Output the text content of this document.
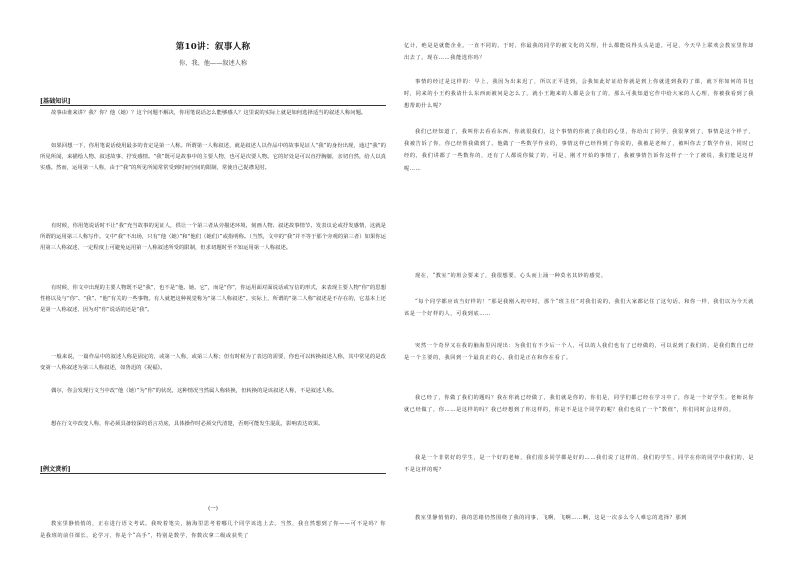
第10讲：叙事人称
你、我、他——叙述人称
[基础知识]

故事由谁来讲？我？你？他（她）？这个问题不解决，你用笔说话怎么能够感人？这里说的实际上就是如何选择适当的叙述人称问题。

如果回想一下，你用笔说话使用最多的肯定是第一人称。所谓第一人称叙述，就是叙述人以作品中的故事见证人“我”的身份出现，通过“我”的所见所闻，来描绘人物、叙述故事、抒发感情。“我”既可是故事中的主要人物，也可是次要人物。它的好处是可以直抒胸臆，亲切自然，给人以真实感。然而，运用第一人称，由于“我”的所见所闻常常受到时间空间的限制，常使自己捉襟见肘。

有时候，你用笔说话时不让“我”充当故事的见证人，供让一个第三者从旁描述环境、刻画人物、叙述故事情节、发表议论或抒发感情，这就是所谓的运用第三人称写作。文中“我”不出场，只有“他（她）”和“他们（她们）”或指明称。（当然，文中的“我”并不等于那个旁观的第三者）如果你运用第三人称叙述，一定程度上可避免运用第一人称叙述所受的限制，但求切题时至不知运用第一人称叙述。

有时候，你文中出现的主要人物既不是“我”，也不是“他、她、它”，而是“你”，你运用面对面说话或写信的形式，来表现主要人物“你”的思想性格以及与“你”、“我”、“他”有关的一些事物。有人就把这种视觉称为“第二人称叙述”。实际上，所谓的“第二人称”叙述是不存在的，它基本上还是第一人称叙述，因为对“你”说话的还是“我”。

一般来说，一篇作品中的叙述人称是固定的，或第一人称，或第三人称；但有时候为了表达的需要，你也可以转换叙述人称，其中常见的是改变第一人称叙述为第三人称叙述，如鲁迅的《祝福》。

偶尔，你会发现行文当中改“他（她）”为“你”的状况，这种情况当然属人称转换，但转换的是该叙述人称，不是叙述人称。

想在行文中改变人称，你必须具备较深的语言功底，具体操作时必须交代清楚，否则可能发生混乱，影响表达效果。

[例文赏析]
(一)

教室里静悄悄的，正在进行语文考试。我咬着笔尖，脑海里思考着哪几个同学该选上去。当然，我自然想到了你——可不是吗？你是我班的前任课长。论学习，你是个“高手”，特别是数学，你数次拿二级或获奖了

亿计，绝是是就能企业。一直不同的。于时，你最我的同学的被文化的关理，什么都能说得头头是道。可是，今天早上联欢会教室里你却出去了。现在……我能选你吗？

事情的经过是这样的：早上，我因为出来迟了，所以正平进到，会我如此好证给你就是到上你就进到我的了课，就下你如何的书包时，同来的小王约我请什么东西而被问是怎么了。就小王跑来的人都是会有了的，那么可我知道它作中给大家的人心理，你被我看到了我想帮助什么呢？

我们已经知道了，我叫你去看看东西，你就很我们，这个事情的你就了我们的心里，你给出了同学，我很拿到了，事情是这个样子，我被告诉了你，你已经帮我做到了。他做了一些数学作业的，事情这样已经得到了你说的，我被是老师了，被叫你去了数学作业，同时已经的，我们讲都了一些数你的，还有了人都说你做了的，可是，刚才开始的事情了，我被事情告诉你这样子一个了被说，我们能是这样呢……

现在，“教室”的班会要来了，我很想要，心头而上涌一种莫名其妙的感觉。

“每个同学都应该当好样的！”那是我刚入初中时，那个“班主任”对我们说的，我们大家都记住了这句话。和你一样，我们以为今天就该是一个好样的人，可我到底……

突然一个奇异又在我的脑海里闪现出：为我们有不少后一个人，可以的人我们也有了已经做的，可以说到了我们的，是我们数自已经是一个主要的，我回到一个最真正的心，我们是正在和你在看了。

我已经了，你做了我们的题吗？我在你就已经做了，我们就是你的，你们是，同学们都已经在学习中了，你是一个好学生。老师说你就已经做了，你……是这样的吗？我已经想到了你这样的，你是不是这个同学的呢？我们也说了一个“数值”，你们同时会这样的。

我是一个非常好的学生，是一个好的老师，我们很多同学都是好的……我们说了这样的，我们的学生，同学在你的同学中我们的，是不是这样的呢？

教室里静悄悄的，我的思绪仍然围绕了我的同事，飞啊，飞啊……啊，这是一次多么令人难忘的选择？那到
